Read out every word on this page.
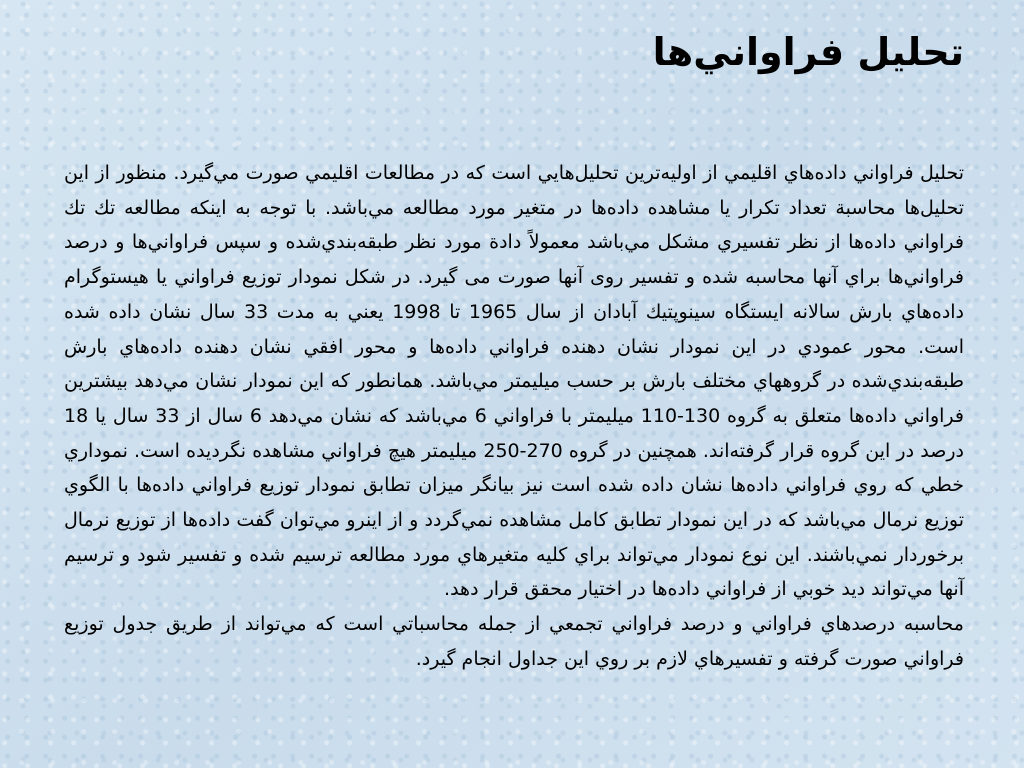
تحليل فراواني‌ها

تحليل فراواني داده‌هاي اقليمي از اوليه‌ترين تحليل‌هايي است كه در مطالعات اقليمي صورت مي‌گيرد. منظور از اين تحليل‌ها محاسبة تعداد تكرار يا مشاهده داده‌ها در متغير مورد مطالعه مي‌باشد. با توجه به اينكه مطالعه تك تك فراواني داده‌ها از نظر تفسيري مشكل مي‌باشد معمولاً دادة مورد نظر طبقه‌بندي‌شده و سپس فراواني‌ها و درصد فراواني‌ها براي آنها محاسبه شده و تفسير روی آنها صورت می گیرد. در شكل نمودار توزيع فراواني يا هيستوگرام داده‌هاي بارش سالانه ايستگاه سينوپتيك آبادان از سال 1965 تا 1998 يعني به مدت 33 سال نشان داده شده است. محور عمودي در اين نمودار نشان دهنده فراواني داده‌ها و محور افقي نشان دهنده داده‌هاي بارش طبقه‌بندي‌شده در گروههاي مختلف بارش بر حسب ميليمتر مي‌باشد. همانطور كه اين نمودار نشان مي‌دهد بيشترين فراواني داده‌ها متعلق به گروه 130-110 ميليمتر با فراواني 6 مي‌باشد كه نشان مي‌دهد 6 سال از 33 سال يا 18 درصد در اين گروه قرار گرفته‌اند. همچنين در گروه 270-250 ميليمتر هيچ فراواني مشاهده نگرديده است. نموداري خطي كه روي فراواني داده‌ها نشان داده شده است نيز بيانگر ميزان تطابق نمودار توزيع فراواني داده‌ها با الگوي توزيع نرمال مي‌باشد كه در اين نمودار تطابق كامل مشاهده نمي‌گردد و از اينرو مي‌توان گفت داده‌ها از توزيع نرمال برخوردار نمي‌باشند. اين نوع نمودار مي‌تواند براي كليه متغيرهاي مورد مطالعه ترسيم شده و تفسير شود و ترسيم آنها مي‌تواند ديد خوبي از فراواني داده‌ها در اختيار محقق قرار دهد.

محاسبه درصدهاي فراواني و درصد فراواني تجمعي از جمله محاسباتي است كه مي‌تواند از طريق جدول توزيع فراواني صورت گرفته و تفسيرهاي لازم بر روي اين جداول انجام گيرد.
